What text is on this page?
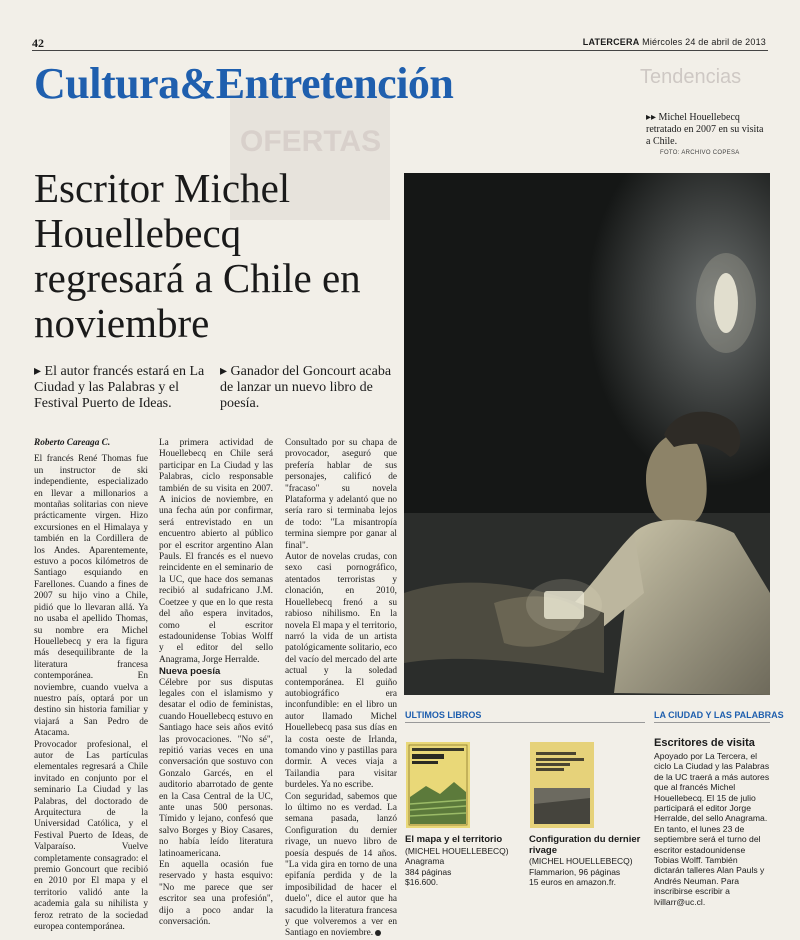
OFERTAS
Tendencias
42	LATERCERA Miércoles 24 de abril de 2013
Cultura&Entretención
▸▸ Michel Houellebecq retratado en 2007 en su visita a Chile.
FOTO: ARCHIVO COPESA
Escritor Michel Houellebecq regresará a Chile en noviembre
▸ El autor francés estará en La Ciudad y las Palabras y el Festival Puerto de Ideas.
▸ Ganador del Goncourt acaba de lanzar un nuevo libro de poesía.

Roberto Careaga C.

El francés René Thomas fue un instructor de ski independiente, especializado en llevar a millonarios a montañas solitarias con nieve prácticamente virgen. Hizo excursiones en el Himalaya y también en la Cordillera de los Andes. Aparentemente, estuvo a pocos kilómetros de Santiago esquiando en Farellones. Cuando a fines de 2007 su hijo vino a Chile, pidió que lo llevaran allá. Ya no usaba el apellido Thomas, su nombre era Michel Houellebecq y era la figura más desequilibrante de la literatura francesa contemporánea. En noviembre, cuando vuelva a nuestro país, optará por un destino sin historia familiar y viajará a San Pedro de Atacama.

Provocador profesional, el autor de Las partículas elementales regresará a Chile invitado en conjunto por el seminario La Ciudad y las Palabras, del doctorado de Arquitectura de la Universidad Católica, y el Festival Puerto de Ideas, de Valparaíso. Vuelve completamente consagrado: el premio Goncourt que recibió en 2010 por El mapa y el territorio validó ante la academia gala su nihilista y feroz retrato de la sociedad europea contemporánea.

La primera actividad de Houellebecq en Chile será participar en La Ciudad y las Palabras, ciclo responsable también de su visita en 2007. A inicios de noviembre, en una fecha aún por confirmar, será entrevistado en un encuentro abierto al público por el escritor argentino Alan Pauls. El francés es el nuevo reincidente en el seminario de la UC, que hace dos semanas recibió al sudafricano J.M. Coetzee y que en lo que resta del año espera invitados, como el escritor estadounidense Tobias Wolff y el editor del sello Anagrama, Jorge Herralde.

Nueva poesía

Célebre por sus disputas legales con el islamismo y desatar el odio de feministas, cuando Houellebecq estuvo en Santiago hace seis años evitó las provocaciones. "No sé", repitió varias veces en una conversación que sostuvo con Gonzalo Garcés, en el auditorio abarrotado de gente en la Casa Central de la UC, ante unas 500 personas. Tímido y lejano, confesó que salvo Borges y Bioy Casares, no había leído literatura latinoamericana.

En aquella ocasión fue reservado y hasta esquivo: "No me parece que ser escritor sea una profesión", dijo a poco andar la conversación.

Consultado por su chapa de provocador, aseguró que prefería hablar de sus personajes, calificó de "fracaso" su novela Plataforma y adelantó que no sería raro si terminaba lejos de todo: "La misantropía termina siempre por ganar al final".

Autor de novelas crudas, con sexo casi pornográfico, atentados terroristas y clonación, en 2010, Houellebecq frenó a su rabioso nihilismo. En la novela El mapa y el territorio, narró la vida de un artista patológicamente solitario, eco del vacío del mercado del arte actual y la soledad contemporánea. El guiño autobiográfico era inconfundible: en el libro un autor llamado Michel Houellebecq pasa sus días en la costa oeste de Irlanda, tomando vino y pastillas para dormir. A veces viaja a Tailandia para visitar burdeles. Ya no escribe.

Con seguridad, sabemos que lo último no es verdad. La semana pasada, lanzó Configuration du dernier rivage, un nuevo libro de poesía después de 14 años. "La vida gira en torno de una epifanía perdida y de la imposibilidad de hacer el duelo", dice el autor que ha sacudido la literatura francesa y que volveremos a ver en Santiago en noviembre.

ULTIMOS LIBROS	LA CIUDAD Y LAS PALABRAS
El mapa y el territorio
(MICHEL HOUELLEBECQ)
Anagrama
384 páginas
$16.600.
Configuration du dernier rivage
(MICHEL HOUELLEBECQ)
Flammarion, 96 páginas
15 euros en amazon.fr.
Escritores de visita
Apoyado por La Tercera, el ciclo La Ciudad y las Palabras de la UC traerá a más autores que al francés Michel Houellebecq. El 15 de julio participará el editor Jorge Herralde, del sello Anagrama. En tanto, el lunes 23 de septiembre será el turno del escritor estadounidense Tobias Wolff. También dictarán talleres Alan Pauls y Andrés Neuman. Para inscribirse escribir a lvillarr@uc.cl.
